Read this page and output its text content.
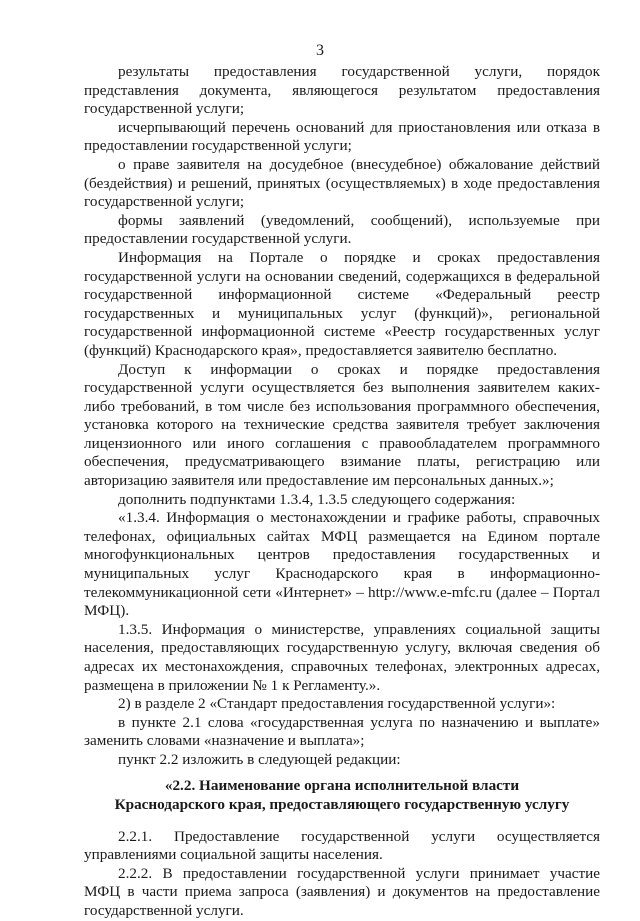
3

результаты предоставления государственной услуги, порядок представления документа, являющегося результатом предоставления государственной услуги;

исчерпывающий перечень оснований для приостановления или отказа в предоставлении государственной услуги;

о праве заявителя на досудебное (внесудебное) обжалование действий (бездействия) и решений, принятых (осуществляемых) в ходе предоставления государственной услуги;

формы заявлений (уведомлений, сообщений), используемые при предоставлении государственной услуги.

Информация на Портале о порядке и сроках предоставления государственной услуги на основании сведений, содержащихся в федеральной государственной информационной системе «Федеральный реестр государственных и муниципальных услуг (функций)», региональной государственной информационной системе «Реестр государственных услуг (функций) Краснодарского края», предоставляется заявителю бесплатно.

Доступ к информации о сроках и порядке предоставления государственной услуги осуществляется без выполнения заявителем каких-либо требований, в том числе без использования программного обеспечения, установка которого на технические средства заявителя требует заключения лицензионного или иного соглашения с правообладателем программного обеспечения, предусматривающего взимание платы, регистрацию или авторизацию заявителя или предоставление им персональных данных.»;

дополнить подпунктами 1.3.4, 1.3.5 следующего содержания:

«1.3.4. Информация о местонахождении и графике работы, справочных телефонах, официальных сайтах МФЦ размещается на Едином портале многофункциональных центров предоставления государственных и муниципальных услуг Краснодарского края в информационно-телекоммуникационной сети «Интернет» – http://www.e-mfc.ru (далее – Портал МФЦ).

1.3.5. Информация о министерстве, управлениях социальной защиты населения, предоставляющих государственную услугу, включая сведения об адресах их местонахождения, справочных телефонах, электронных адресах, размещена в приложении № 1 к Регламенту.».

2) в разделе 2 «Стандарт предоставления государственной услуги»:

в пункте 2.1 слова «государственная услуга по назначению и выплате» заменить словами «назначение и выплата»;

пункт 2.2 изложить в следующей редакции:

«2.2. Наименование органа исполнительной власти
Краснодарского края, предоставляющего государственную услугу

2.2.1. Предоставление государственной услуги осуществляется управлениями социальной защиты населения.

2.2.2. В предоставлении государственной услуги принимает участие МФЦ в части приема запроса (заявления) и документов на предоставление государственной услуги.
